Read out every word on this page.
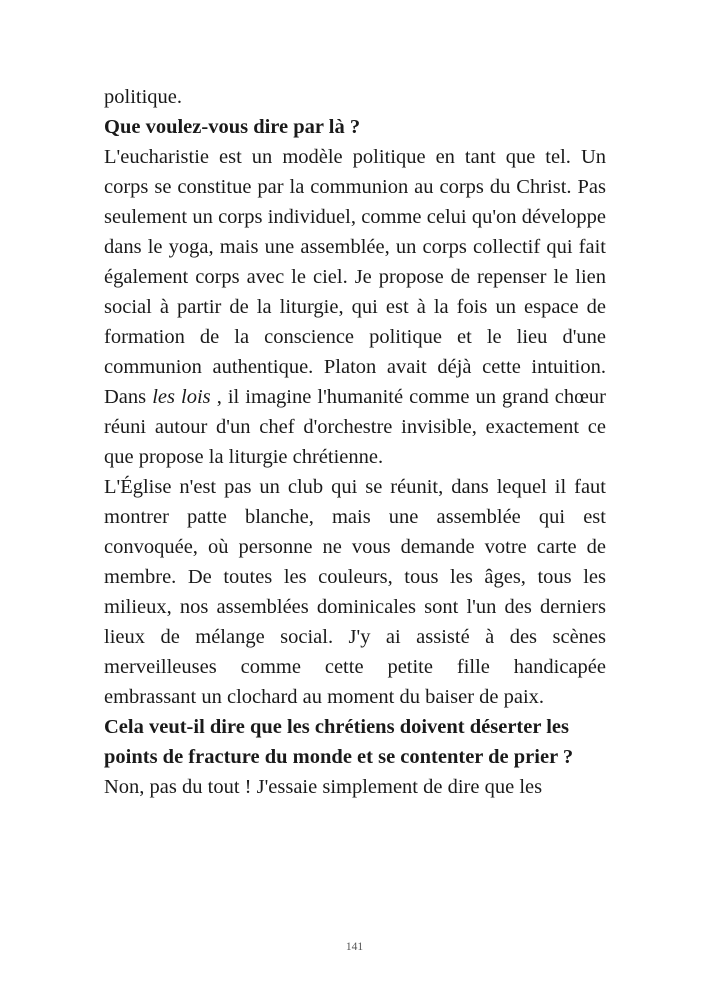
politique.

Que voulez-vous dire par là ?

L'eucharistie est un modèle politique en tant que tel. Un corps se constitue par la communion au corps du Christ. Pas seulement un corps individuel, comme celui qu'on développe dans le yoga, mais une assemblée, un corps collectif qui fait également corps avec le ciel. Je propose de repenser le lien social à partir de la liturgie, qui est à la fois un espace de formation de la conscience politique et le lieu d'une communion authentique. Platon avait déjà cette intuition. Dans les lois , il imagine l'humanité comme un grand chœur réuni autour d'un chef d'orchestre invisible, exactement ce que propose la liturgie chrétienne.

L'Église n'est pas un club qui se réunit, dans lequel il faut montrer patte blanche, mais une assemblée qui est convoquée, où personne ne vous demande votre carte de membre. De toutes les couleurs, tous les âges, tous les milieux, nos assemblées dominicales sont l'un des derniers lieux de mélange social. J'y ai assisté à des scènes merveilleuses comme cette petite fille handicapée embrassant un clochard au moment du baiser de paix.

Cela veut-il dire que les chrétiens doivent déserter les points de fracture du monde et se contenter de prier ?

Non, pas du tout ! J'essaie simplement de dire que les

141
